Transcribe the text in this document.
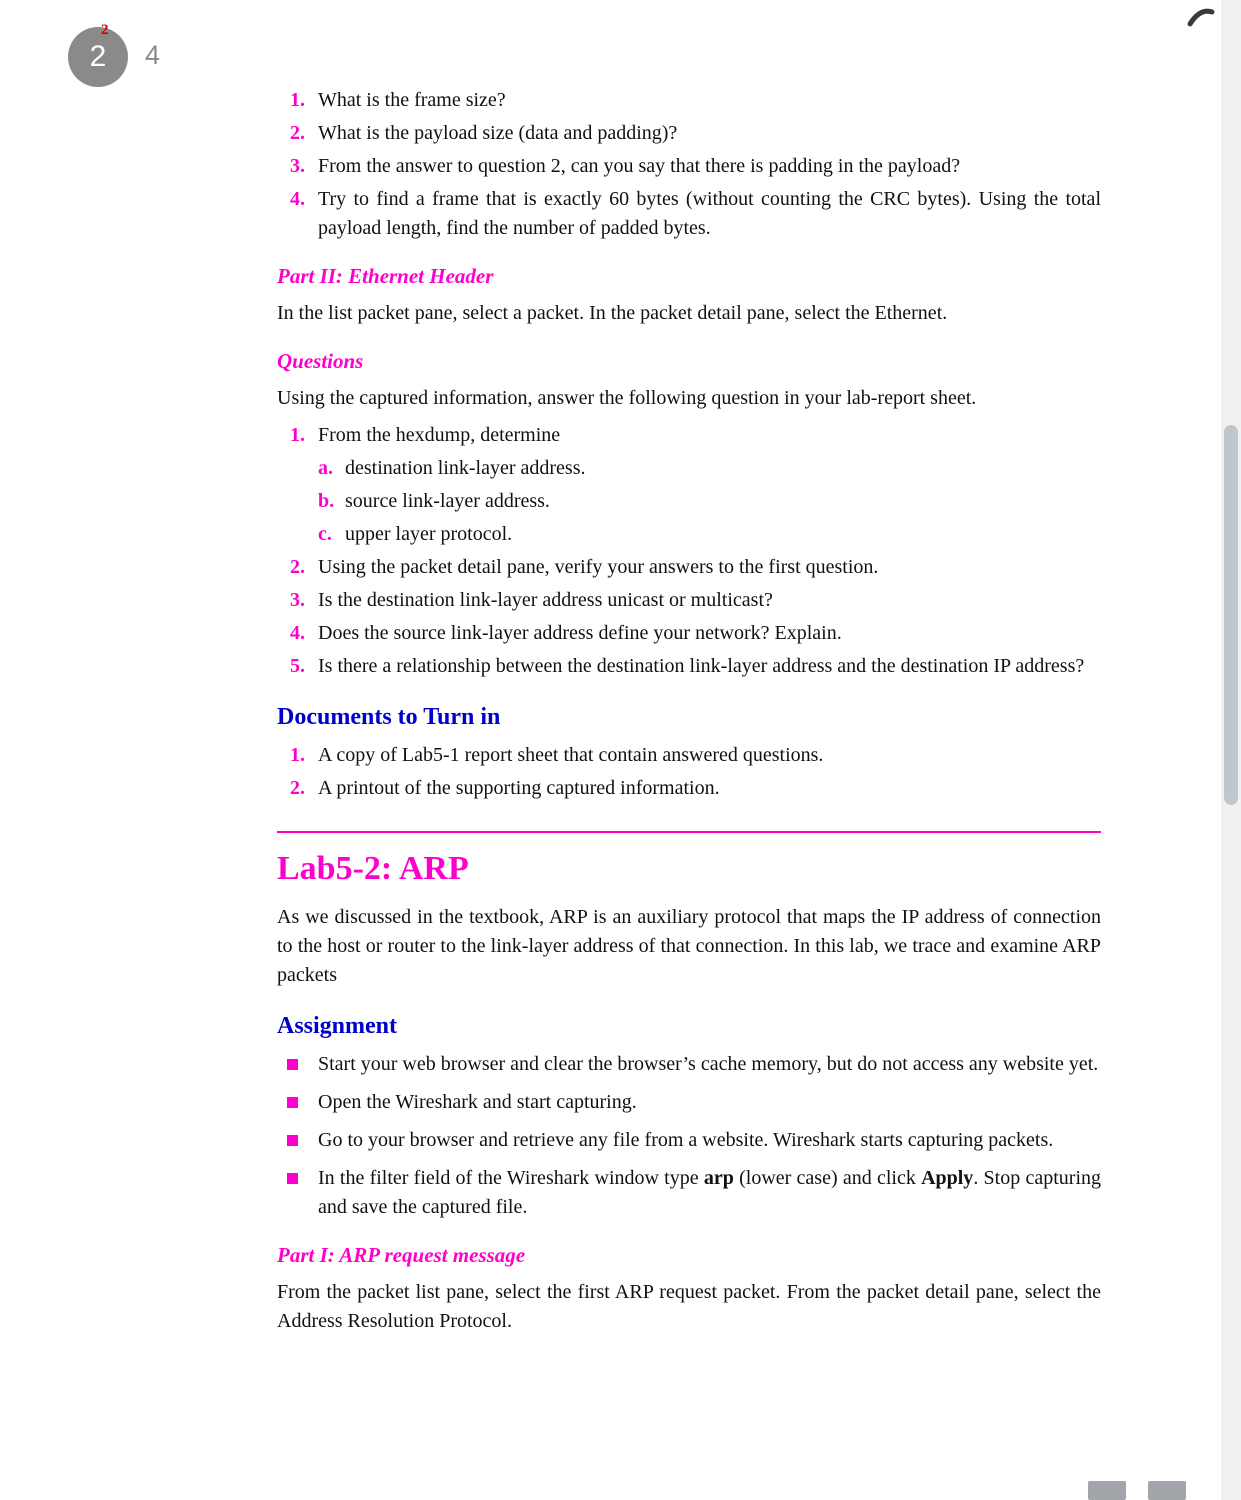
2
2 4
1. What is the frame size?
2. What is the payload size (data and padding)?
3. From the answer to question 2, can you say that there is padding in the payload?
4. Try to find a frame that is exactly 60 bytes (without counting the CRC bytes). Using the total payload length, find the number of padded bytes.
Part II: Ethernet Header

In the list packet pane, select a packet. In the packet detail pane, select the Ethernet.

Questions

Using the captured information, answer the following question in your lab-report sheet.

1. From the hexdump, determine
a. destination link-layer address.
b. source link-layer address.
c. upper layer protocol.
2. Using the packet detail pane, verify your answers to the first question.
3. Is the destination link-layer address unicast or multicast?
4. Does the source link-layer address define your network? Explain.
5. Is there a relationship between the destination link-layer address and the destination IP address?
Documents to Turn in
1. A copy of Lab5-1 report sheet that contain answered questions.
2. A printout of the supporting captured information.
Lab5-2: ARP

As we discussed in the textbook, ARP is an auxiliary protocol that maps the IP address of connection to the host or router to the link-layer address of that connection. In this lab, we trace and examine ARP packets

Assignment
Start your web browser and clear the browser’s cache memory, but do not access any website yet.
Open the Wireshark and start capturing.
Go to your browser and retrieve any file from a website. Wireshark starts capturing packets.
In the filter field of the Wireshark window type arp (lower case) and click Apply. Stop capturing and save the captured file.
Part I: ARP request message

From the packet list pane, select the first ARP request packet. From the packet detail pane, select the Address Resolution Protocol.
